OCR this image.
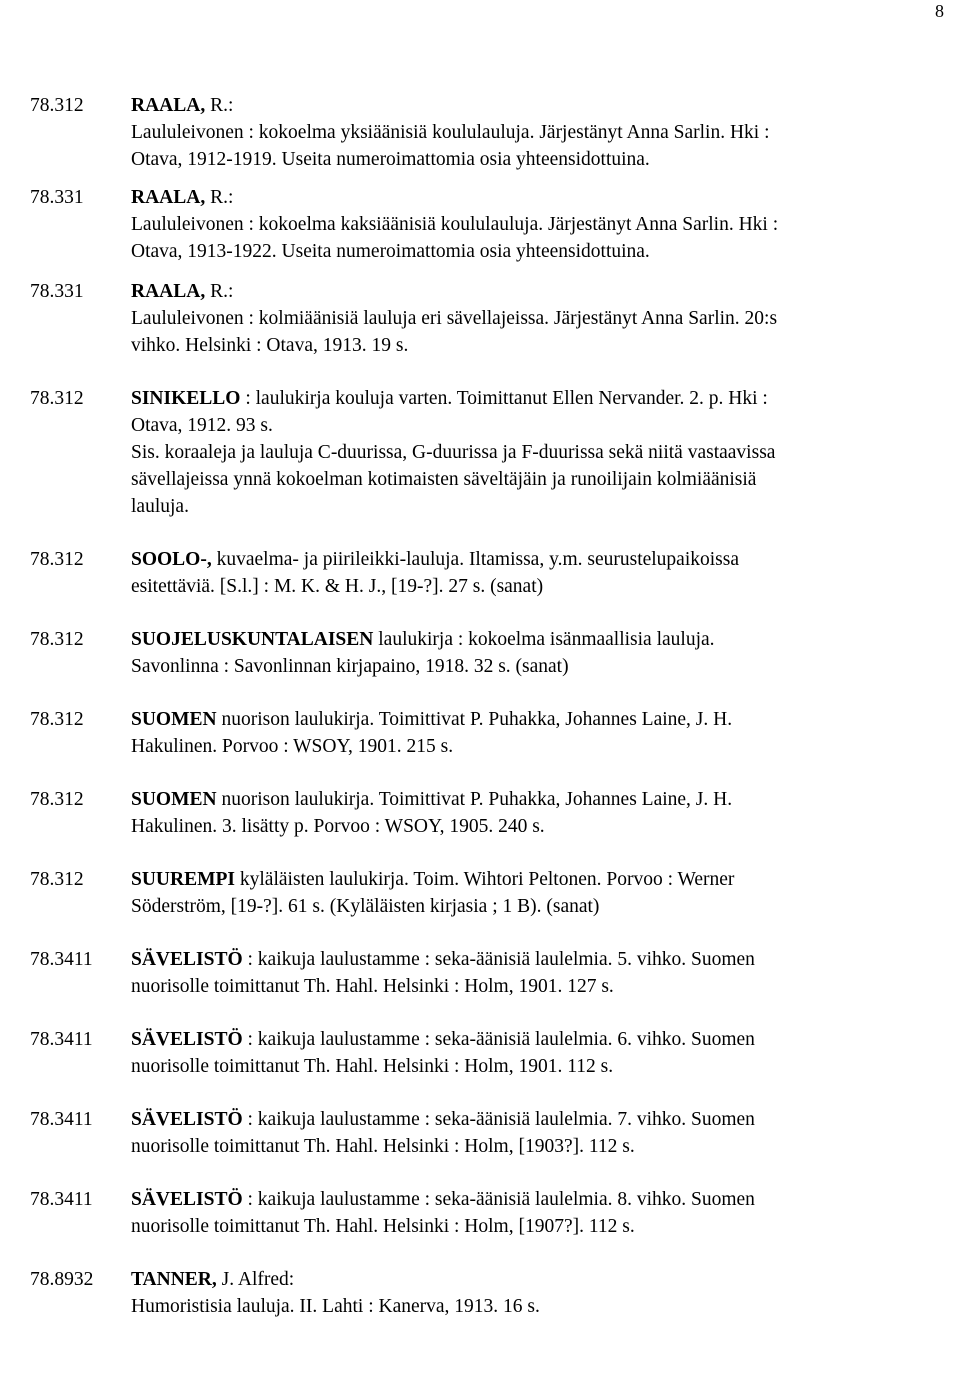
8
78.312	RAALA, R.:
Laululeivonen : kokoelma yksiäänisiä koululauluja. Järjestänyt Anna Sarlin. Hki :
Otava, 1912-1919. Useita numeroimattomia osia yhteensidottuina.
78.331	RAALA, R.:
Laululeivonen : kokoelma kaksiäänisiä koululauluja. Järjestänyt Anna Sarlin. Hki :
Otava, 1913-1922. Useita numeroimattomia osia yhteensidottuina.
78.331	RAALA, R.:
Laululeivonen : kolmiäänisiä lauluja eri sävellajeissa. Järjestänyt Anna Sarlin. 20:s
vihko. Helsinki : Otava, 1913. 19 s.
78.312	SINIKELLO : laulukirja kouluja varten. Toimittanut Ellen Nervander. 2. p. Hki :
Otava, 1912. 93 s.
Sis. koraaleja ja lauluja C-duurissa, G-duurissa ja F-duurissa sekä niitä vastaavissa
sävellajeissa ynnä kokoelman kotimaisten säveltäjäin ja runoilijain kolmiäänisiä
lauluja.
78.312	SOOLO-, kuvaelma- ja piirileikki-lauluja. Iltamissa, y.m. seurustelupaikoissa
esitettäviä. [S.l.] : M. K. & H. J., [19-?]. 27 s. (sanat)
78.312	SUOJELUSKUNTALAISEN laulukirja : kokoelma isänmaallisia lauluja.
Savonlinna : Savonlinnan kirjapaino, 1918. 32 s. (sanat)
78.312	SUOMEN nuorison laulukirja. Toimittivat P. Puhakka, Johannes Laine, J. H.
Hakulinen. Porvoo : WSOY, 1901. 215 s.
78.312	SUOMEN nuorison laulukirja. Toimittivat P. Puhakka, Johannes Laine, J. H.
Hakulinen. 3. lisätty p. Porvoo : WSOY, 1905. 240 s.
78.312	SUUREMPI kyläläisten laulukirja. Toim. Wihtori Peltonen. Porvoo : Werner
Söderström, [19-?]. 61 s. (Kyläläisten kirjasia ; 1 B). (sanat)
78.3411	SÄVELISTÖ : kaikuja laulustamme : seka-äänisiä laulelmia. 5. vihko. Suomen
nuorisolle toimittanut Th. Hahl. Helsinki : Holm, 1901. 127 s.
78.3411	SÄVELISTÖ : kaikuja laulustamme : seka-äänisiä laulelmia. 6. vihko. Suomen
nuorisolle toimittanut Th. Hahl. Helsinki : Holm, 1901. 112 s.
78.3411	SÄVELISTÖ : kaikuja laulustamme : seka-äänisiä laulelmia. 7. vihko. Suomen
nuorisolle toimittanut Th. Hahl. Helsinki : Holm, [1903?]. 112 s.
78.3411	SÄVELISTÖ : kaikuja laulustamme : seka-äänisiä laulelmia. 8. vihko. Suomen
nuorisolle toimittanut Th. Hahl. Helsinki : Holm, [1907?]. 112 s.
78.8932	TANNER, J. Alfred:
Humoristisia lauluja. II. Lahti : Kanerva, 1913. 16 s.
